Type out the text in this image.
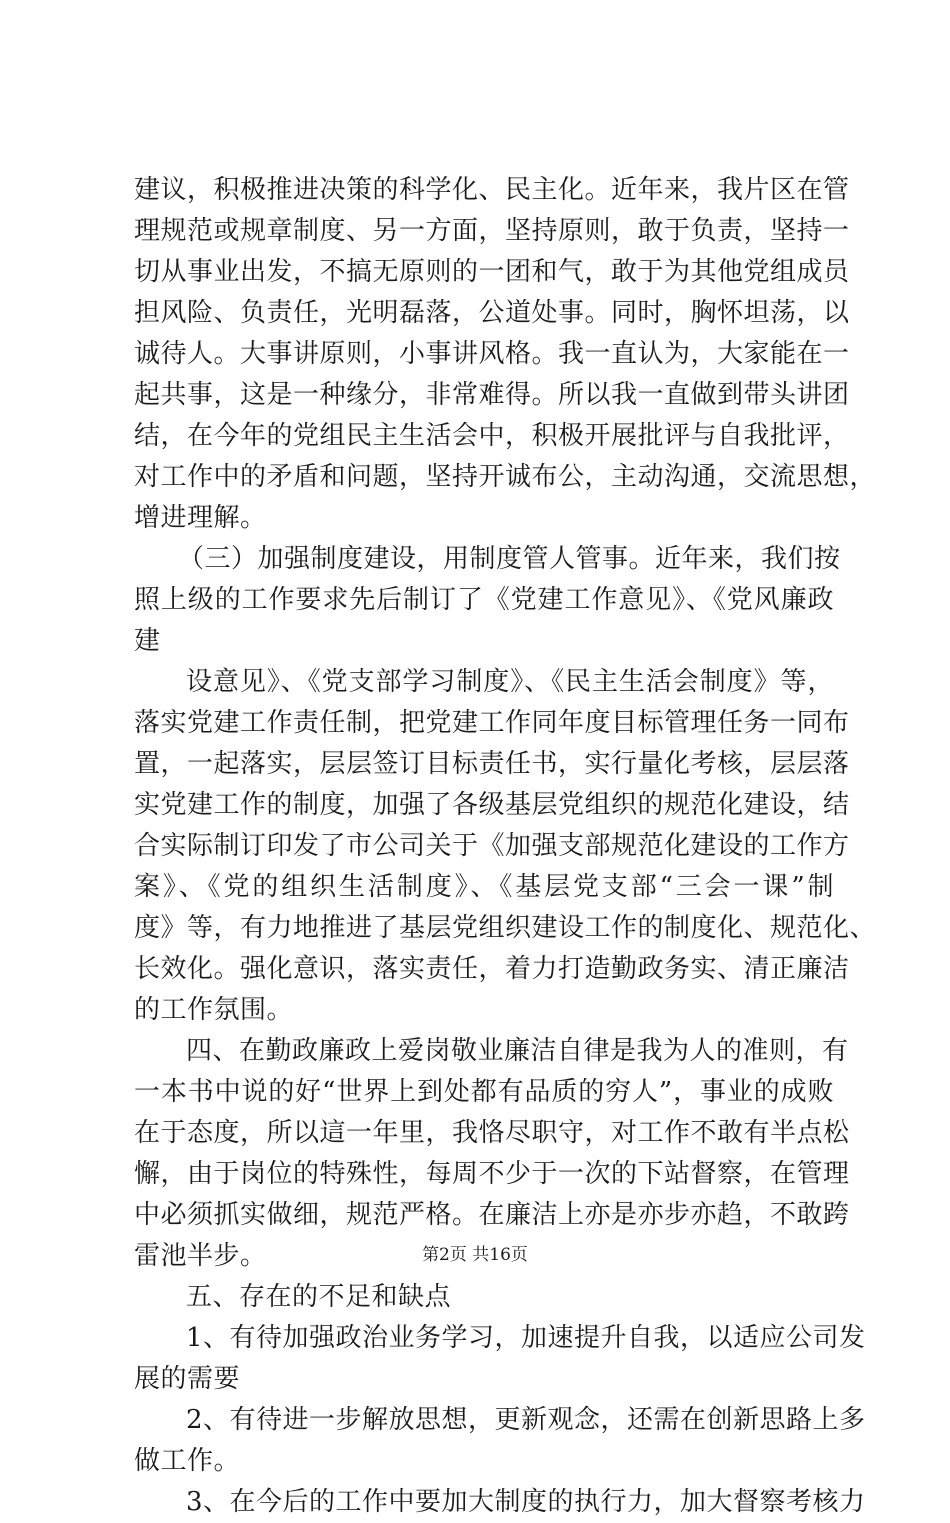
建议，积极推进决策的科学化、民主化。近年来，我片区在管
理规范或规章制度、另一方面，坚持原则，敢于负责，坚持一
切从事业出发，不搞无原则的一团和气，敢于为其他党组成员
担风险、负责任，光明磊落，公道处事。同时，胸怀坦荡，以
诚待人。大事讲原则，小事讲风格。我一直认为，大家能在一
起共事，这是一种缘分，非常难得。所以我一直做到带头讲团
结，在今年的党组民主生活会中，积极开展批评与自我批评，
对工作中的矛盾和问题，坚持开诚布公，主动沟通，交流思想，
增进理解。
（三）加强制度建设，用制度管人管事。近年来，我们按
照上级的工作要求先后制订了《党建工作意见》、《党风廉政
建
设意见》、《党支部学习制度》、《民主生活会制度》等，
落实党建工作责任制，把党建工作同年度目标管理任务一同布
置，一起落实，层层签订目标责任书，实行量化考核，层层落
实党建工作的制度，加强了各级基层党组织的规范化建设，结
合实际制订印发了市公司关于《加强支部规范化建设的工作方
案》、《党的组织生活制度》、《基层党支部“三会一课”制
度》等，有力地推进了基层党组织建设工作的制度化、规范化、
长效化。强化意识，落实责任，着力打造勤政务实、清正廉洁
的工作氛围。
四、在勤政廉政上爱岗敬业廉洁自律是我为人的准则，有
一本书中说的好“世界上到处都有品质的穷人”，事业的成败
在于态度，所以這一年里，我恪尽职守，对工作不敢有半点松
懈，由于岗位的特殊性，每周不少于一次的下站督察，在管理
中必须抓实做细，规范严格。在廉洁上亦是亦步亦趋，不敢跨
雷池半步。
五、存在的不足和缺点
1、有待加强政治业务学习，加速提升自我，以适应公司发
展的需要
2、有待进一步解放思想，更新观念，还需在创新思路上多
做工作。
3、在今后的工作中要加大制度的执行力，加大督察考核力
第2页 共16页
